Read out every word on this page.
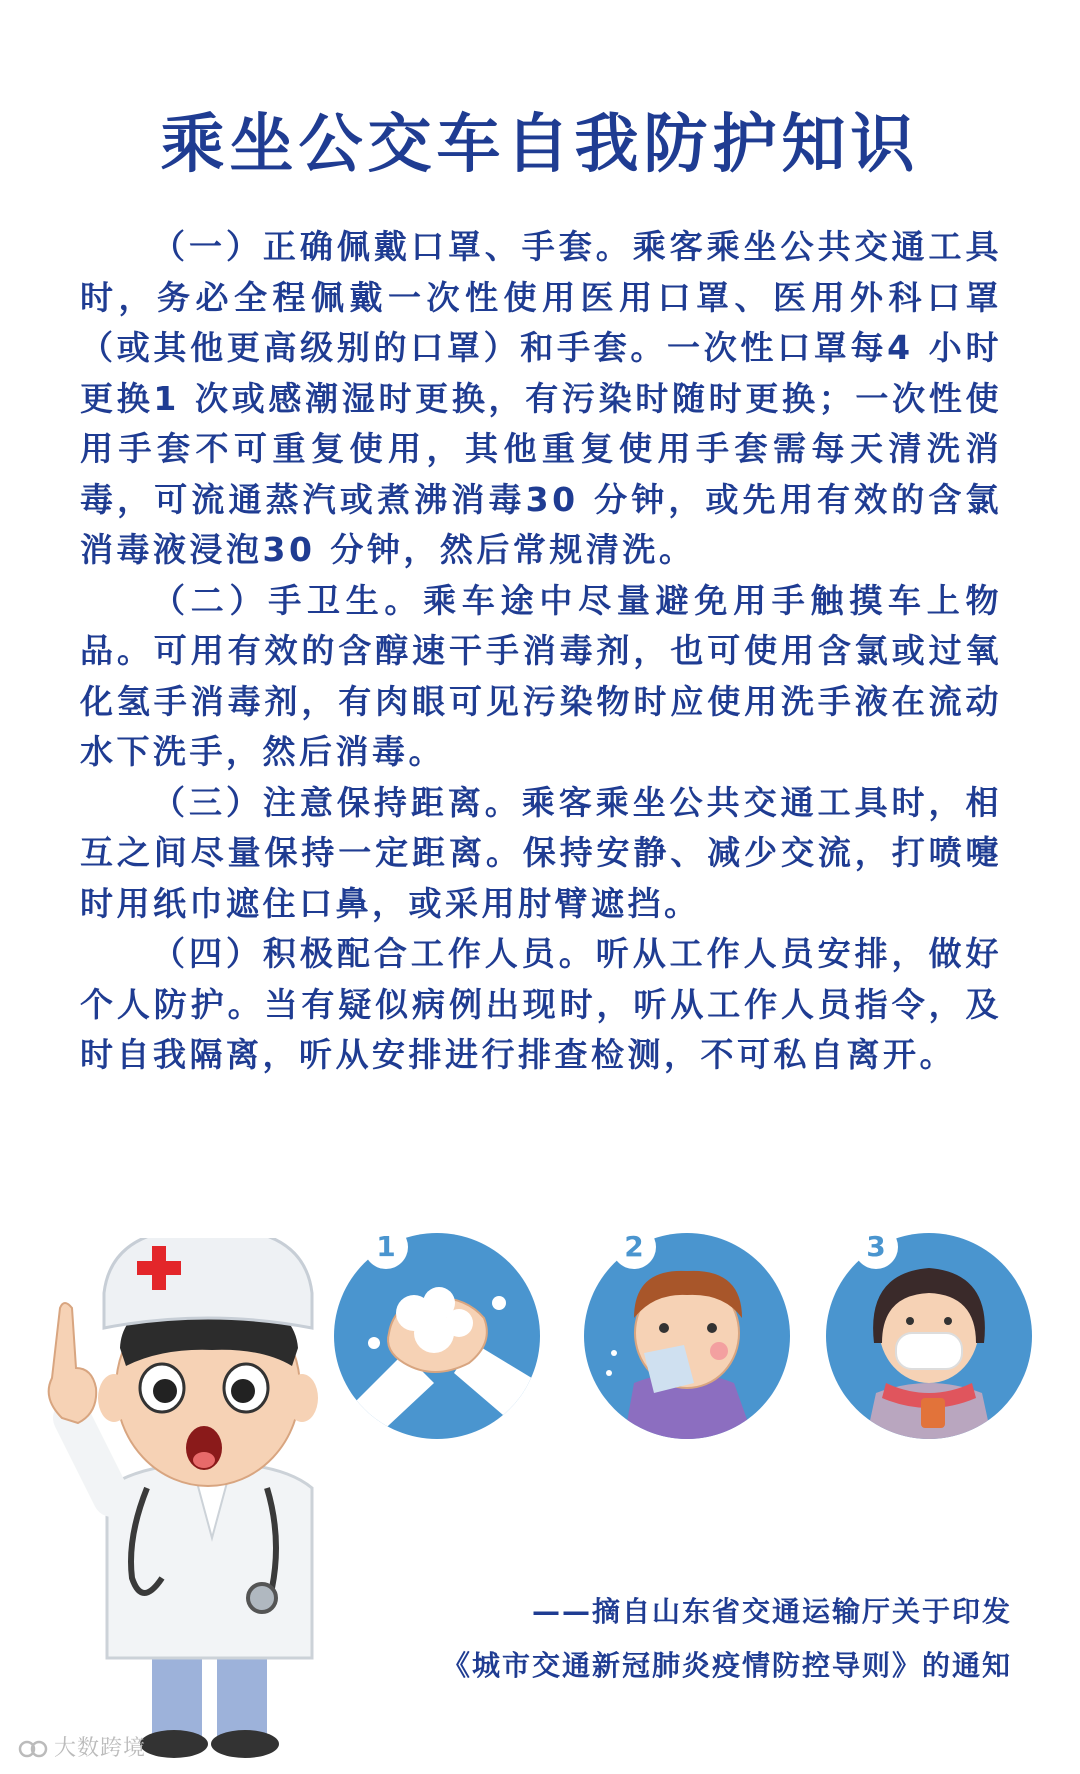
乘坐公交车自我防护知识

（一）正确佩戴口罩、手套。乘客乘坐公共交通工具时，务必全程佩戴一次性使用医用口罩、医用外科口罩（或其他更高级别的口罩）和手套。一次性口罩每4 小时更换1 次或感潮湿时更换，有污染时随时更换；一次性使用手套不可重复使用，其他重复使用手套需每天清洗消毒，可流通蒸汽或煮沸消毒30 分钟，或先用有效的含氯消毒液浸泡30 分钟，然后常规清洗。

（二）手卫生。乘车途中尽量避免用手触摸车上物品。可用有效的含醇速干手消毒剂，也可使用含氯或过氧化氢手消毒剂，有肉眼可见污染物时应使用洗手液在流动水下洗手，然后消毒。

（三）注意保持距离。乘客乘坐公共交通工具时，相互之间尽量保持一定距离。保持安静、减少交流，打喷嚏时用纸巾遮住口鼻，或采用肘臂遮挡。

（四）积极配合工作人员。听从工作人员安排，做好个人防护。当有疑似病例出现时，听从工作人员指令，及时自我隔离，听从安排进行排查检测，不可私自离开。

1	2	3
——摘自山东省交通运输厅关于印发
《城市交通新冠肺炎疫情防控导则》的通知
大数跨境
